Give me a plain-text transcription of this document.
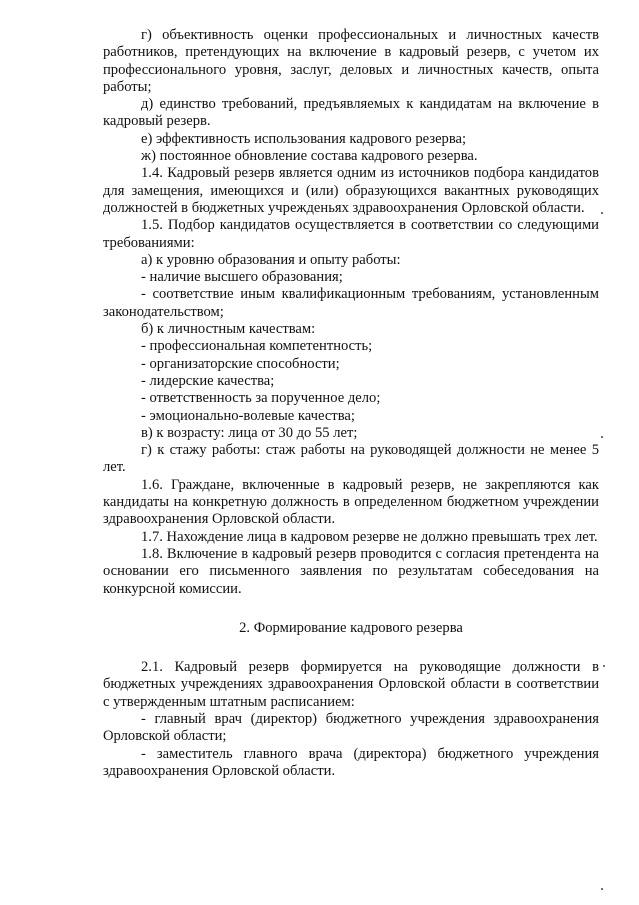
г) объективность оценки профессиональных и личностных качеств работников, претендующих на включение в кадровый резерв, с учетом их профессионального уровня, заслуг, деловых и личностных качеств, опыта работы;

д) единство требований, предъявляемых к кандидатам на включение в кадровый резерв.

е) эффективность использования кадрового резерва;

ж) постоянное обновление состава кадрового резерва.

1.4. Кадровый резерв является одним из источников подбора кандидатов для замещения, имеющихся и (или) образующихся вакантных руководящих должностей в бюджетных учрежденьях здравоохранения Орловской области.

1.5. Подбор кандидатов осуществляется в соответствии со следующими требованиями:

а) к уровню образования и опыту работы:

- наличие высшего образования;

- соответствие иным квалификационным требованиям, установленным законодательством;

б) к личностным качествам:

- профессиональная компетентность;

- организаторские способности;

- лидерские качества;

- ответственность за порученное дело;

- эмоционально-волевые качества;

в) к возрасту: лица от 30 до 55 лет;

г) к стажу работы: стаж работы на руководящей должности не менее 5 лет.

1.6. Граждане, включенные в кадровый резерв, не закрепляются как кандидаты на конкретную должность в определенном бюджетном учреждении здравоохранения Орловской области.

1.7. Нахождение лица в кадровом резерве не должно превышать трех лет.

1.8. Включение в кадровый резерв проводится с согласия претендента на основании его письменного заявления по результатам собеседования на конкурсной комиссии.

2. Формирование кадрового резерва

2.1. Кадровый резерв формируется на руководящие должности в бюджетных учреждениях здравоохранения Орловской области в соответствии с утвержденным штатным расписанием:

- главный врач (директор) бюджетного учреждения здравоохранения Орловской области;

- заместитель главного врача (директора) бюджетного учреждения здравоохранения Орловской области.
